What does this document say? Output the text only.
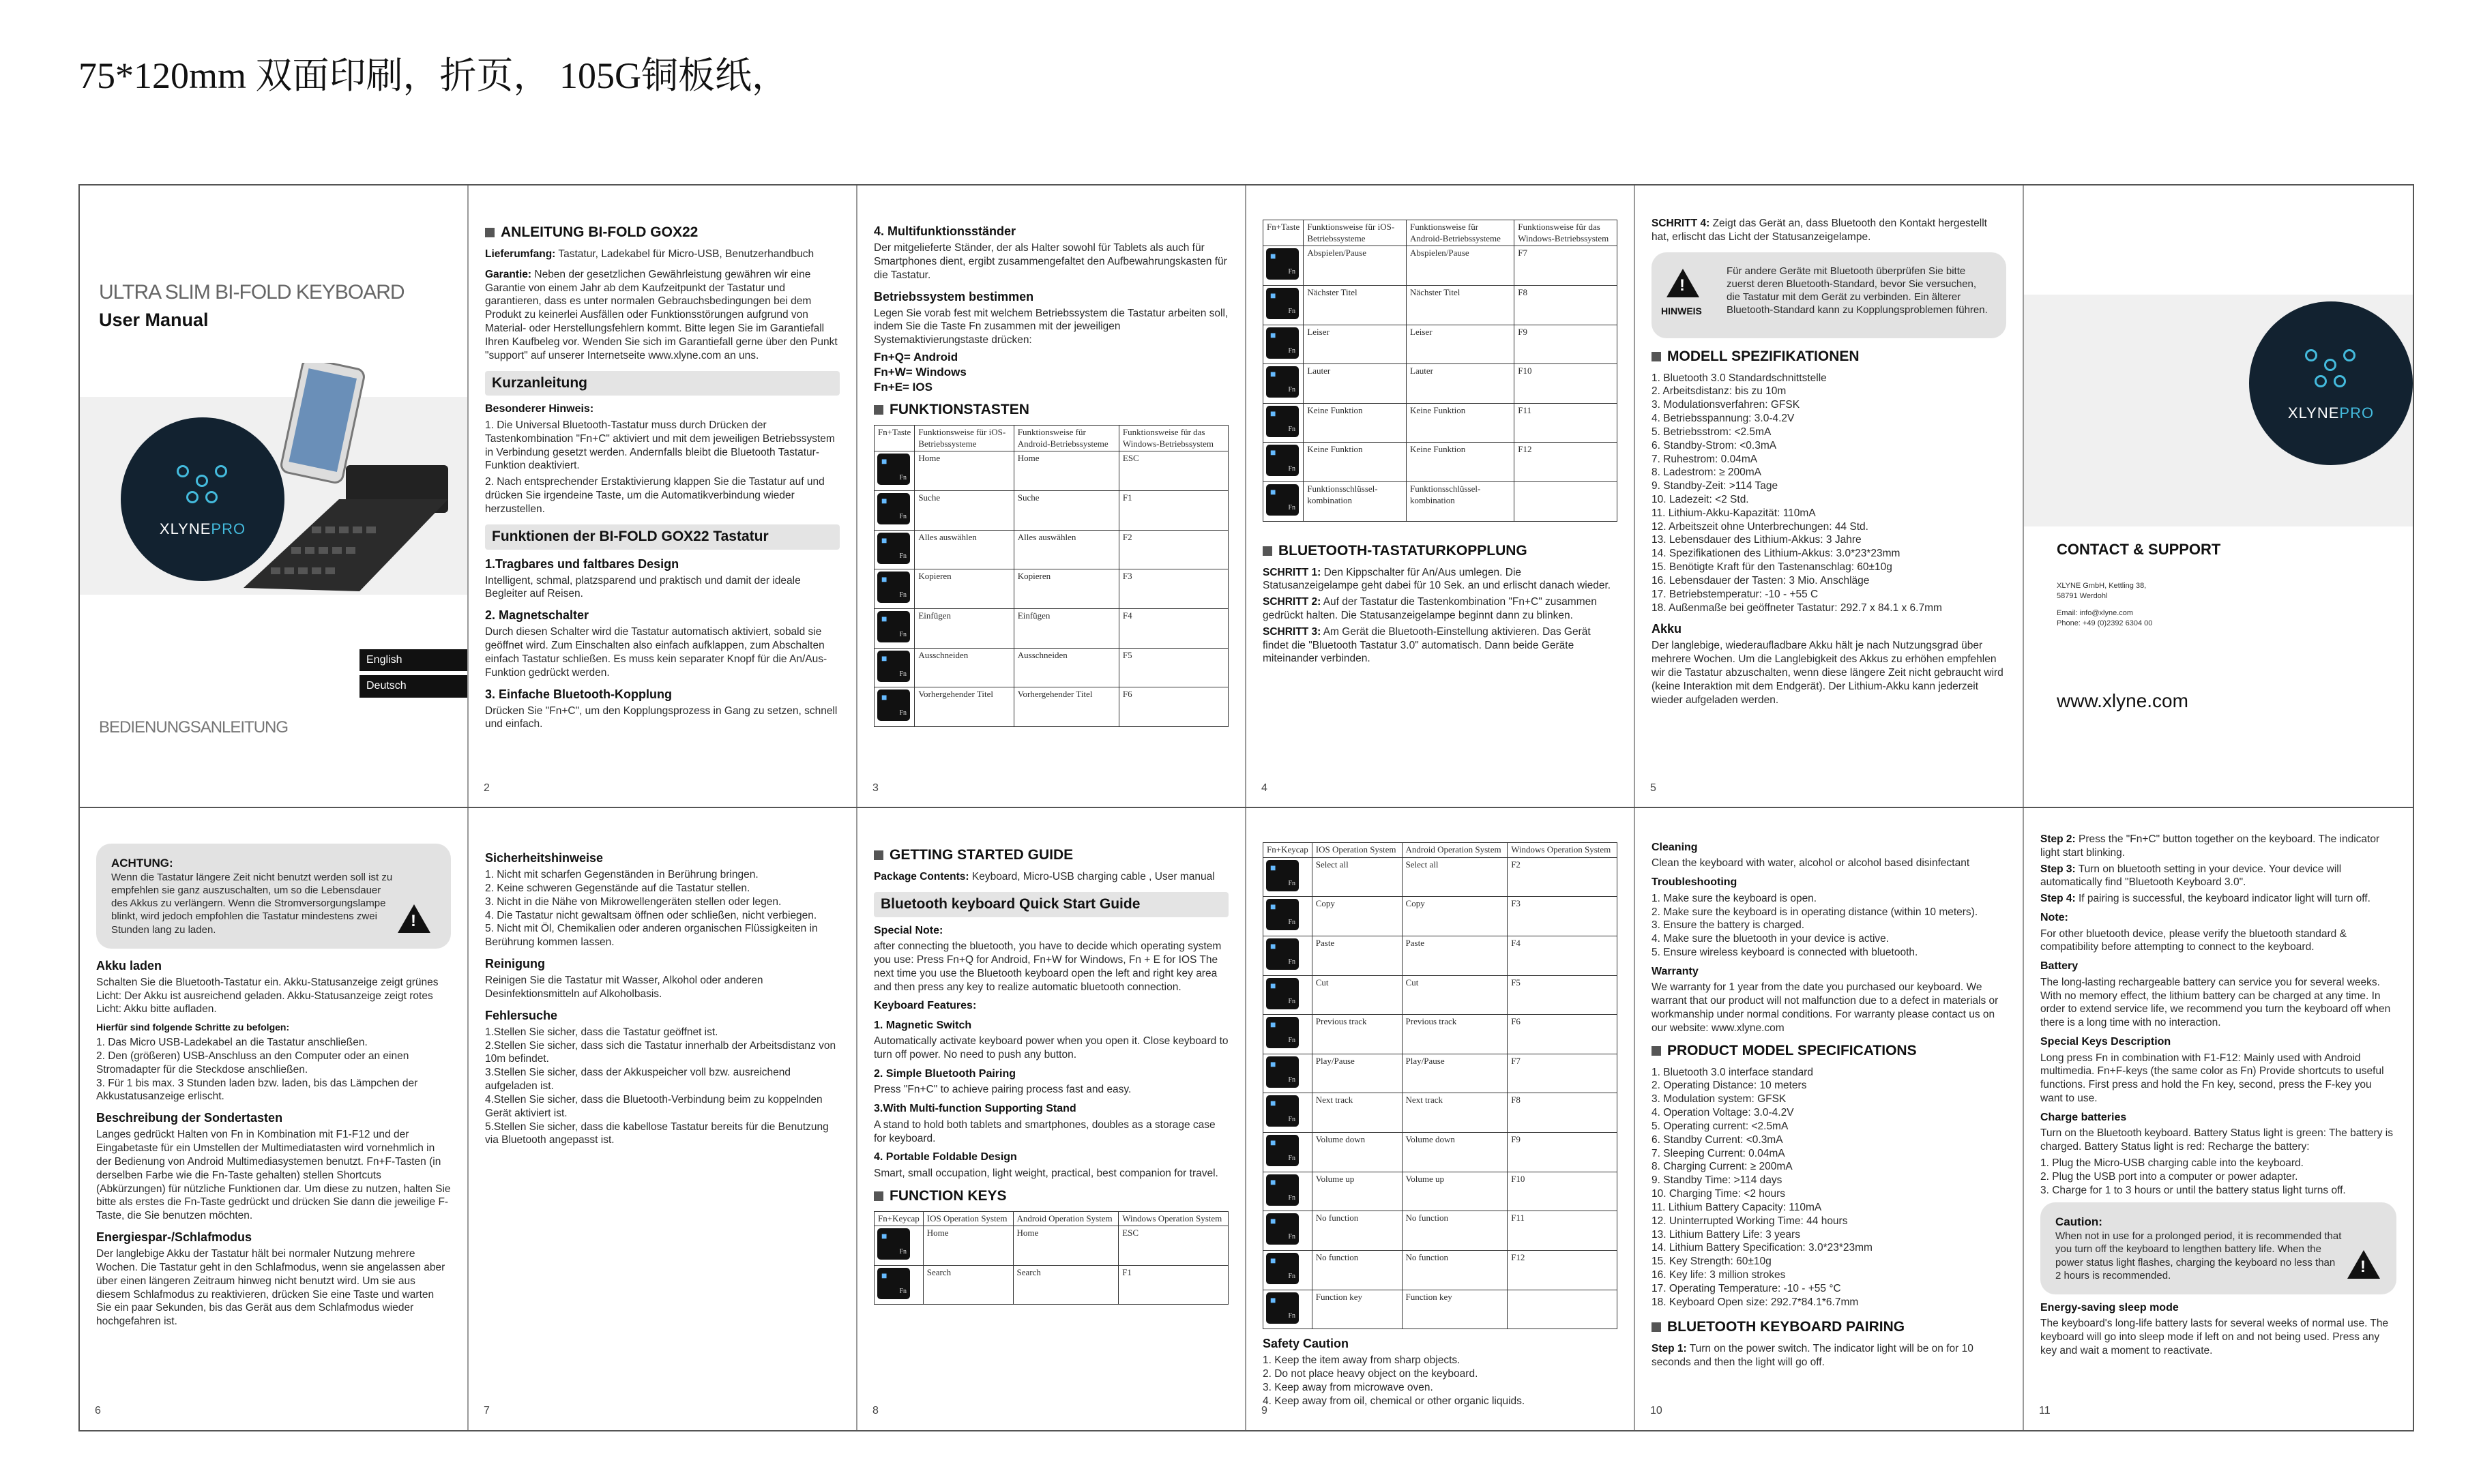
75*120mm 双面印刷，折页， 105G铜板纸，
ULTRA SLIM BI-FOLD KEYBOARD
User Manual
XLYNEPRO
English
Deutsch
BEDIENUNGSANLEITUNG
ANLEITUNG BI-FOLD GOX22

Lieferumfang: Tastatur, Ladekabel für Micro-USB, Benutzerhandbuch

Garantie: Neben der gesetzlichen Gewährleistung gewähren wir eine Garantie von einem Jahr ab dem Kaufzeitpunkt der Tastatur und garantieren, dass es unter normalen Gebrauchsbedingungen bei dem Produkt zu keinerlei Ausfällen oder Funktionsstörungen aufgrund von Material- oder Herstellungsfehlern kommt. Bitte legen Sie im Garantiefall Ihren Kaufbeleg vor. Wenden Sie sich im Garantiefall gerne über den Punkt "support" auf unserer Internetseite www.xlyne.com an uns.

Kurzanleitung
Besonderer Hinweis:

1. Die Universal Bluetooth-Tastatur muss durch Drücken der Tastenkombination "Fn+C" aktiviert und mit dem jeweiligen Betriebssystem in Verbindung gesetzt werden. Andernfalls bleibt die Bluetooth Tastatur-Funktion deaktiviert.

2. Nach entsprechender Erstaktivierung klappen Sie die Tastatur auf und drücken Sie irgendeine Taste, um die Automatikverbindung wieder herzustellen.

Funktionen der BI-FOLD GOX22 Tastatur
1.Tragbares und faltbares Design

Intelligent, schmal, platzsparend und praktisch und damit der ideale Begleiter auf Reisen.

2. Magnetschalter

Durch diesen Schalter wird die Tastatur automatisch aktiviert, sobald sie geöffnet wird. Zum Einschalten also einfach aufklappen, zum Abschalten einfach Tastatur schließen. Es muss kein separater Knopf für die An/Aus-Funktion gedrückt werden.

3. Einfache Bluetooth-Kopplung

Drücken Sie "Fn+C", um den Kopplungsprozess in Gang zu setzen, schnell und einfach.

2
4. Multifunktionsständer

Der mitgelieferte Ständer, der als Halter sowohl für Tablets als auch für Smartphones dient, ergibt zusammengefaltet den Aufbewahrungskasten für die Tastatur.

Betriebssystem bestimmen

Legen Sie vorab fest mit welchem Betriebssystem die Tastatur arbeiten soll, indem Sie die Taste Fn zusammen mit der jeweiligen Systemaktivierungstaste drücken:

Fn+Q= Android

Fn+W= Windows

Fn+E= IOS

FUNKTIONSTASTEN
Fn+Taste	Funktionsweise für iOS-Betriebssysteme	Funktionsweise für Android-Betriebssysteme	Funktionsweise für das Windows-Betriebssystem

■
Fn	Home	Home	ESC

■
Fn	Suche	Suche	F1

■
Fn	Alles auswählen	Alles auswählen	F2

■
Fn	Kopieren	Kopieren	F3

■
Fn	Einfügen	Einfügen	F4

■
Fn	Ausschneiden	Ausschneiden	F5

■
Fn	Vorhergehender Titel	Vorhergehender Titel	F6
3
Fn+Taste	Funktionsweise für iOS-Betriebssysteme	Funktionsweise für Android-Betriebssysteme	Funktionsweise für das Windows-Betriebssystem

■
Fn	Abspielen/Pause	Abspielen/Pause	F7

■
Fn	Nächster Titel	Nächster Titel	F8

■
Fn	Leiser	Leiser	F9

■
Fn	Lauter	Lauter	F10

■
Fn	Keine Funktion	Keine Funktion	F11

■
Fn	Keine Funktion	Keine Funktion	F12

■
Fn	Funktionsschlüssel-kombination	Funktionsschlüssel-kombination	
BLUETOOTH-TASTATURKOPPLUNG

SCHRITT 1: Den Kippschalter für An/Aus umlegen. Die Statusanzeigelampe geht dabei für 10 Sek. an und erlischt danach wieder.

SCHRITT 2: Auf der Tastatur die Tastenkombination "Fn+C" zusammen gedrückt halten. Die Statusanzeigelampe beginnt dann zu blinken.

SCHRITT 3: Am Gerät die Bluetooth-Einstellung aktivieren. Das Gerät findet die "Bluetooth Tastatur 3.0" automatisch. Dann beide Geräte miteinander verbinden.

4

SCHRITT 4: Zeigt das Gerät an, dass Bluetooth den Kontakt hergestellt hat, erlischt das Licht der Statusanzeigelampe.

!
HINWEIS
Für andere Geräte mit Bluetooth überprüfen Sie bitte zuerst deren Bluetooth-Standard, bevor Sie versuchen, die Tastatur mit dem Gerät zu verbinden. Ein älterer Bluetooth-Standard kann zu Kopplungsproblemen führen.
MODELL SPEZIFIKATIONEN
1. Bluetooth 3.0 Standardschnittstelle
2. Arbeitsdistanz: bis zu 10m
3. Modulationsverfahren: GFSK
4. Betriebsspannung: 3.0-4.2V
5. Betriebsstrom: <2.5mA
6. Standby-Strom: <0.3mA
7. Ruhestrom: 0.04mA
8. Ladestrom: ≥ 200mA
9. Standby-Zeit: >114 Tage
10. Ladezeit: <2 Std.
11. Lithium-Akku-Kapazität: 110mA
12. Arbeitszeit ohne Unterbrechungen: 44 Std.
13. Lebensdauer des Lithium-Akkus: 3 Jahre
14. Spezifikationen des Lithium-Akkus: 3.0*23*23mm
15. Benötigte Kraft für den Tastenanschlag: 60±10g
16. Lebensdauer der Tasten: 3 Mio. Anschläge
17. Betriebstemperatur: -10 - +55 C
18. Außenmaße bei geöffneter Tastatur: 292.7 x 84.1 x 6.7mm
Akku

Der langlebige, wiederaufladbare Akku hält je nach Nutzungsgrad über mehrere Wochen. Um die Langlebigkeit des Akkus zu erhöhen empfehlen wir die Tastatur abzuschalten, wenn diese längere Zeit nicht gebraucht wird (keine Interaktion mit dem Endgerät). Der Lithium-Akku kann jederzeit wieder aufgeladen werden.

5
XLYNEPRO
CONTACT & SUPPORT
XLYNE GmbH, Kettling 38,
58791 Werdohl
Email: info@xlyne.com
Phone: +49 (0)2392 6304 00
www.xlyne.com
ACHTUNG:
Wenn die Tastatur längere Zeit nicht benutzt werden soll ist zu empfehlen sie ganz auszuschalten, um so die Lebensdauer des Akkus zu verlängern. Wenn die Stromversorgungslampe blinkt, wird jedoch empfohlen die Tastatur mindestens zwei Stunden lang zu laden.
!
Akku laden

Schalten Sie die Bluetooth-Tastatur ein. Akku-Statusanzeige zeigt grünes Licht: Der Akku ist ausreichend geladen. Akku-Statusanzeige zeigt rotes Licht: Akku bitte aufladen.

Hierfür sind folgende Schritte zu befolgen:
1. Das Micro USB-Ladekabel an die Tastatur anschließen.
2. Den (größeren) USB-Anschluss an den Computer oder an einen Stromadapter für die Steckdose anschließen.
3. Für 1 bis max. 3 Stunden laden bzw. laden, bis das Lämpchen der Akkustatusanzeige erlischt.
Beschreibung der Sondertasten

Langes gedrückt Halten von Fn in Kombination mit F1-F12 und der Eingabetaste für ein Umstellen der Multimediatasten wird vornehmlich in der Bedienung von Android Multimediasystemen benutzt. Fn+F-Tasten (in derselben Farbe wie die Fn-Taste gehalten) stellen Shortcuts (Abkürzungen) für nützliche Funktionen dar. Um diese zu nutzen, halten Sie bitte als erstes die Fn-Taste gedrückt und drücken Sie dann die jeweilige F-Taste, die Sie benutzen möchten.

Energiespar-/Schlafmodus

Der langlebige Akku der Tastatur hält bei normaler Nutzung mehrere Wochen. Die Tastatur geht in den Schlafmodus, wenn sie angelassen aber über einen längeren Zeitraum hinweg nicht benutzt wird. Um sie aus diesem Schlafmodus zu reaktivieren, drücken Sie eine Taste und warten Sie ein paar Sekunden, bis das Gerät aus dem Schlafmodus wieder hochgefahren ist.

6
Sicherheitshinweise
1. Nicht mit scharfen Gegenständen in Berührung bringen.
2. Keine schweren Gegenstände auf die Tastatur stellen.
3. Nicht in die Nähe von Mikrowellengeräten stellen oder legen.
4. Die Tastatur nicht gewaltsam öffnen oder schließen, nicht verbiegen.
5. Nicht mit Öl, Chemikalien oder anderen organischen Flüssigkeiten in Berührung kommen lassen.
Reinigung

Reinigen Sie die Tastatur mit Wasser, Alkohol oder anderen Desinfektionsmitteln auf Alkoholbasis.

Fehlersuche
1.Stellen Sie sicher, dass die Tastatur geöffnet ist.
2.Stellen Sie sicher, dass sich die Tastatur innerhalb der Arbeitsdistanz von 10m befindet.
3.Stellen Sie sicher, dass der Akkuspeicher voll bzw. ausreichend aufgeladen ist.
4.Stellen Sie sicher, dass die Bluetooth-Verbindung beim zu koppelnden Gerät aktiviert ist.
5.Stellen Sie sicher, dass die kabellose Tastatur bereits für die Benutzung via Bluetooth angepasst ist.
7
GETTING STARTED GUIDE

Package Contents: Keyboard, Micro-USB charging cable , User manual

Bluetooth keyboard Quick Start Guide
Special Note:

after connecting the bluetooth, you have to decide which operating system you use: Press Fn+Q for Android, Fn+W for Windows, Fn + E for IOS The next time you use the Bluetooth keyboard open the left and right key area and then press any key to realize automatic bluetooth connection.

Keyboard Features:
1. Magnetic Switch

Automatically activate keyboard power when you open it. Close keyboard to turn off power. No need to push any button.

2. Simple Bluetooth Pairing

Press "Fn+C" to achieve pairing process fast and easy.

3.With Multi-function Supporting Stand

A stand to hold both tablets and smartphones, doubles as a storage case for keyboard.

4. Portable Foldable Design

Smart, small occupation, light weight, practical, best companion for travel.

FUNCTION KEYS
Fn+Keycap	IOS Operation System	Android Operation System	Windows Operation System

■
Fn	Home	Home	ESC

■
Fn	Search	Search	F1
8
Fn+Keycap	IOS Operation System	Android Operation System	Windows Operation System

■
Fn	Select all	Select all	F2

■
Fn	Copy	Copy	F3

■
Fn	Paste	Paste	F4

■
Fn	Cut	Cut	F5

■
Fn	Previous track	Previous track	F6

■
Fn	Play/Pause	Play/Pause	F7

■
Fn	Next track	Next track	F8

■
Fn	Volume down	Volume down	F9

■
Fn	Volume up	Volume up	F10

■
Fn	No function	No function	F11

■
Fn	No function	No function	F12

■
Fn	Function key	Function key	
Safety Caution
1. Keep the item away from sharp objects.
2. Do not place heavy object on the keyboard.
3. Keep away from microwave oven.
4. Keep away from oil, chemical or other organic liquids.
9
Cleaning

Clean the keyboard with water, alcohol or alcohol based disinfectant

Troubleshooting
1. Make sure the keyboard is open.
2. Make sure the keyboard is in operating distance (within 10 meters).
3. Ensure the battery is charged.
4. Make sure the bluetooth in your device is active.
5. Ensure wireless keyboard is connected with bluetooth.
Warranty

We warranty for 1 year from the date you purchased our keyboard. We warrant that our product will not malfunction due to a defect in materials or workmanship under normal conditions. For warranty please contact us on our website: www.xlyne.com

PRODUCT MODEL SPECIFICATIONS
1. Bluetooth 3.0 interface standard
2. Operating Distance: 10 meters
3. Modulation system: GFSK
4. Operation Voltage: 3.0-4.2V
5. Operating current: <2.5mA
6. Standby Current: <0.3mA
7. Sleeping Current: 0.04mA
8. Charging Current: ≥ 200mA
9. Standby Time: >114 days
10. Charging Time: <2 hours
11. Lithium Battery Capacity: 110mA
12. Uninterrupted Working Time: 44 hours
13. Lithium Battery Life: 3 years
14. Lithium Battery Specification: 3.0*23*23mm
15. Key Strength: 60±10g
16. Key life: 3 million strokes
17. Operating Temperature: -10 - +55 °C
18. Keyboard Open size: 292.7*84.1*6.7mm
BLUETOOTH KEYBOARD PAIRING

Step 1: Turn on the power switch. The indicator light will be on for 10 seconds and then the light will go off.

10

Step 2: Press the "Fn+C" button together on the keyboard. The indicator light start blinking.

Step 3: Turn on bluetooth setting in your device. Your device will automatically find "Bluetooth Keyboard 3.0".

Step 4: If pairing is successful, the keyboard indicator light will turn off.

Note:

For other bluetooth device, please verify the bluetooth standard & compatibility before attempting to connect to the keyboard.

Battery

The long-lasting rechargeable battery can service you for several weeks. With no memory effect, the lithium battery can be charged at any time. In order to extend service life, we recommend you turn the keyboard off when there is a long time with no interaction.

Special Keys Description

Long press Fn in combination with F1-F12: Mainly used with Android multimedia. Fn+F-keys (the same color as Fn) Provide shortcuts to useful functions. First press and hold the Fn key, second, press the F-key you want to use.

Charge batteries

Turn on the Bluetooth keyboard. Battery Status light is green: The battery is charged. Battery Status light is red: Recharge the battery:

1. Plug the Micro-USB charging cable into the keyboard.
2. Plug the USB port into a computer or power adapter.
3. Charge for 1 to 3 hours or until the battery status light turns off.
Caution:
When not in use for a prolonged period, it is recommended that you turn off the keyboard to lengthen battery life. When the power status light flashes, charging the keyboard no less than 2 hours is recommended.
!
Energy-saving sleep mode

The keyboard's long-life battery lasts for several weeks of normal use. The keyboard will go into sleep mode if left on and not being used. Press any key and wait a moment to reactivate.

11
